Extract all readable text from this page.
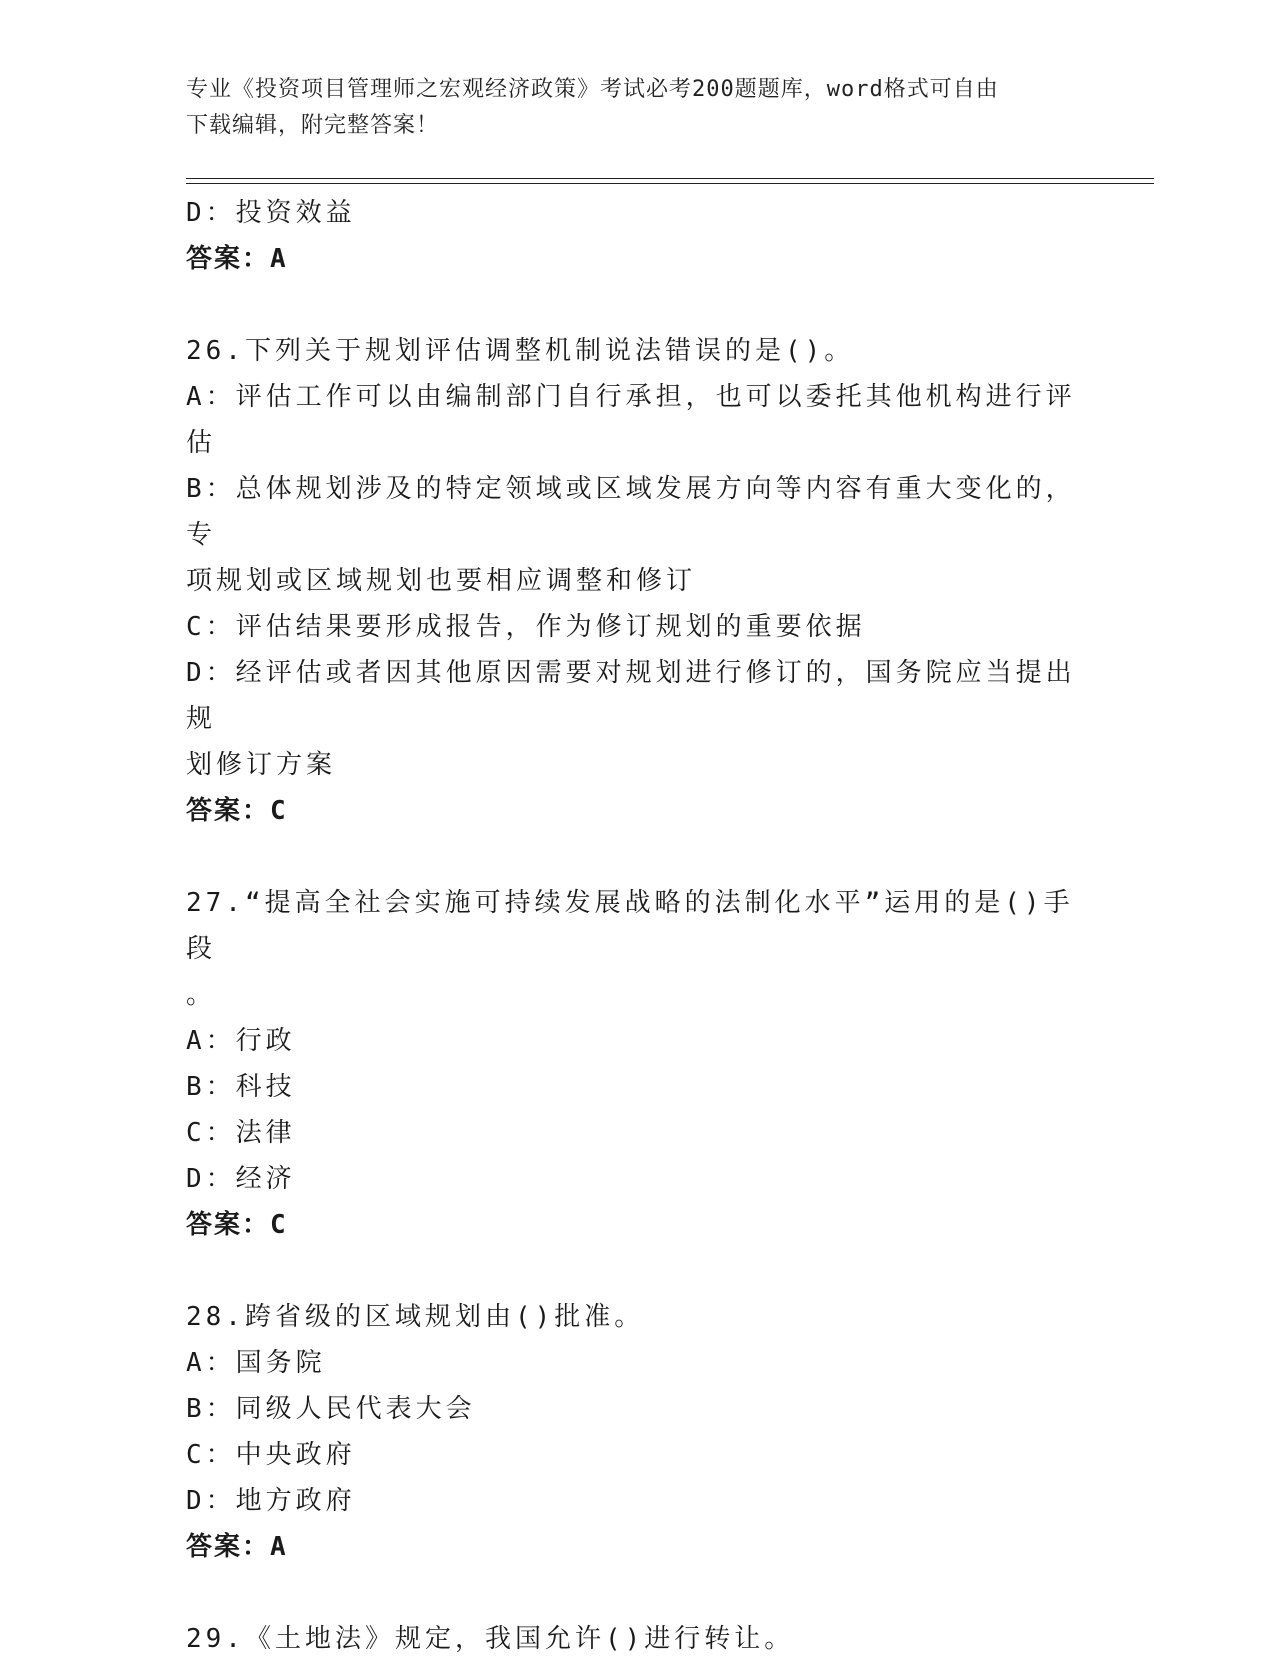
专业《投资项目管理师之宏观经济政策》考试必考200题题库，word格式可自由
下载编辑，附完整答案！
D：投资效益
答案：A
26.下列关于规划评估调整机制说法错误的是()。
A：评估工作可以由编制部门自行承担，也可以委托其他机构进行评估
B：总体规划涉及的特定领域或区域发展方向等内容有重大变化的，专
项规划或区域规划也要相应调整和修订
C：评估结果要形成报告，作为修订规划的重要依据
D：经评估或者因其他原因需要对规划进行修订的，国务院应当提出规
划修订方案
答案：C
27.“提高全社会实施可持续发展战略的法制化水平”运用的是()手段
。
A：行政
B：科技
C：法律
D：经济
答案：C
28.跨省级的区域规划由()批准。
A：国务院
B：同级人民代表大会
C：中央政府
D：地方政府
答案：A
29.《土地法》规定，我国允许()进行转让。
